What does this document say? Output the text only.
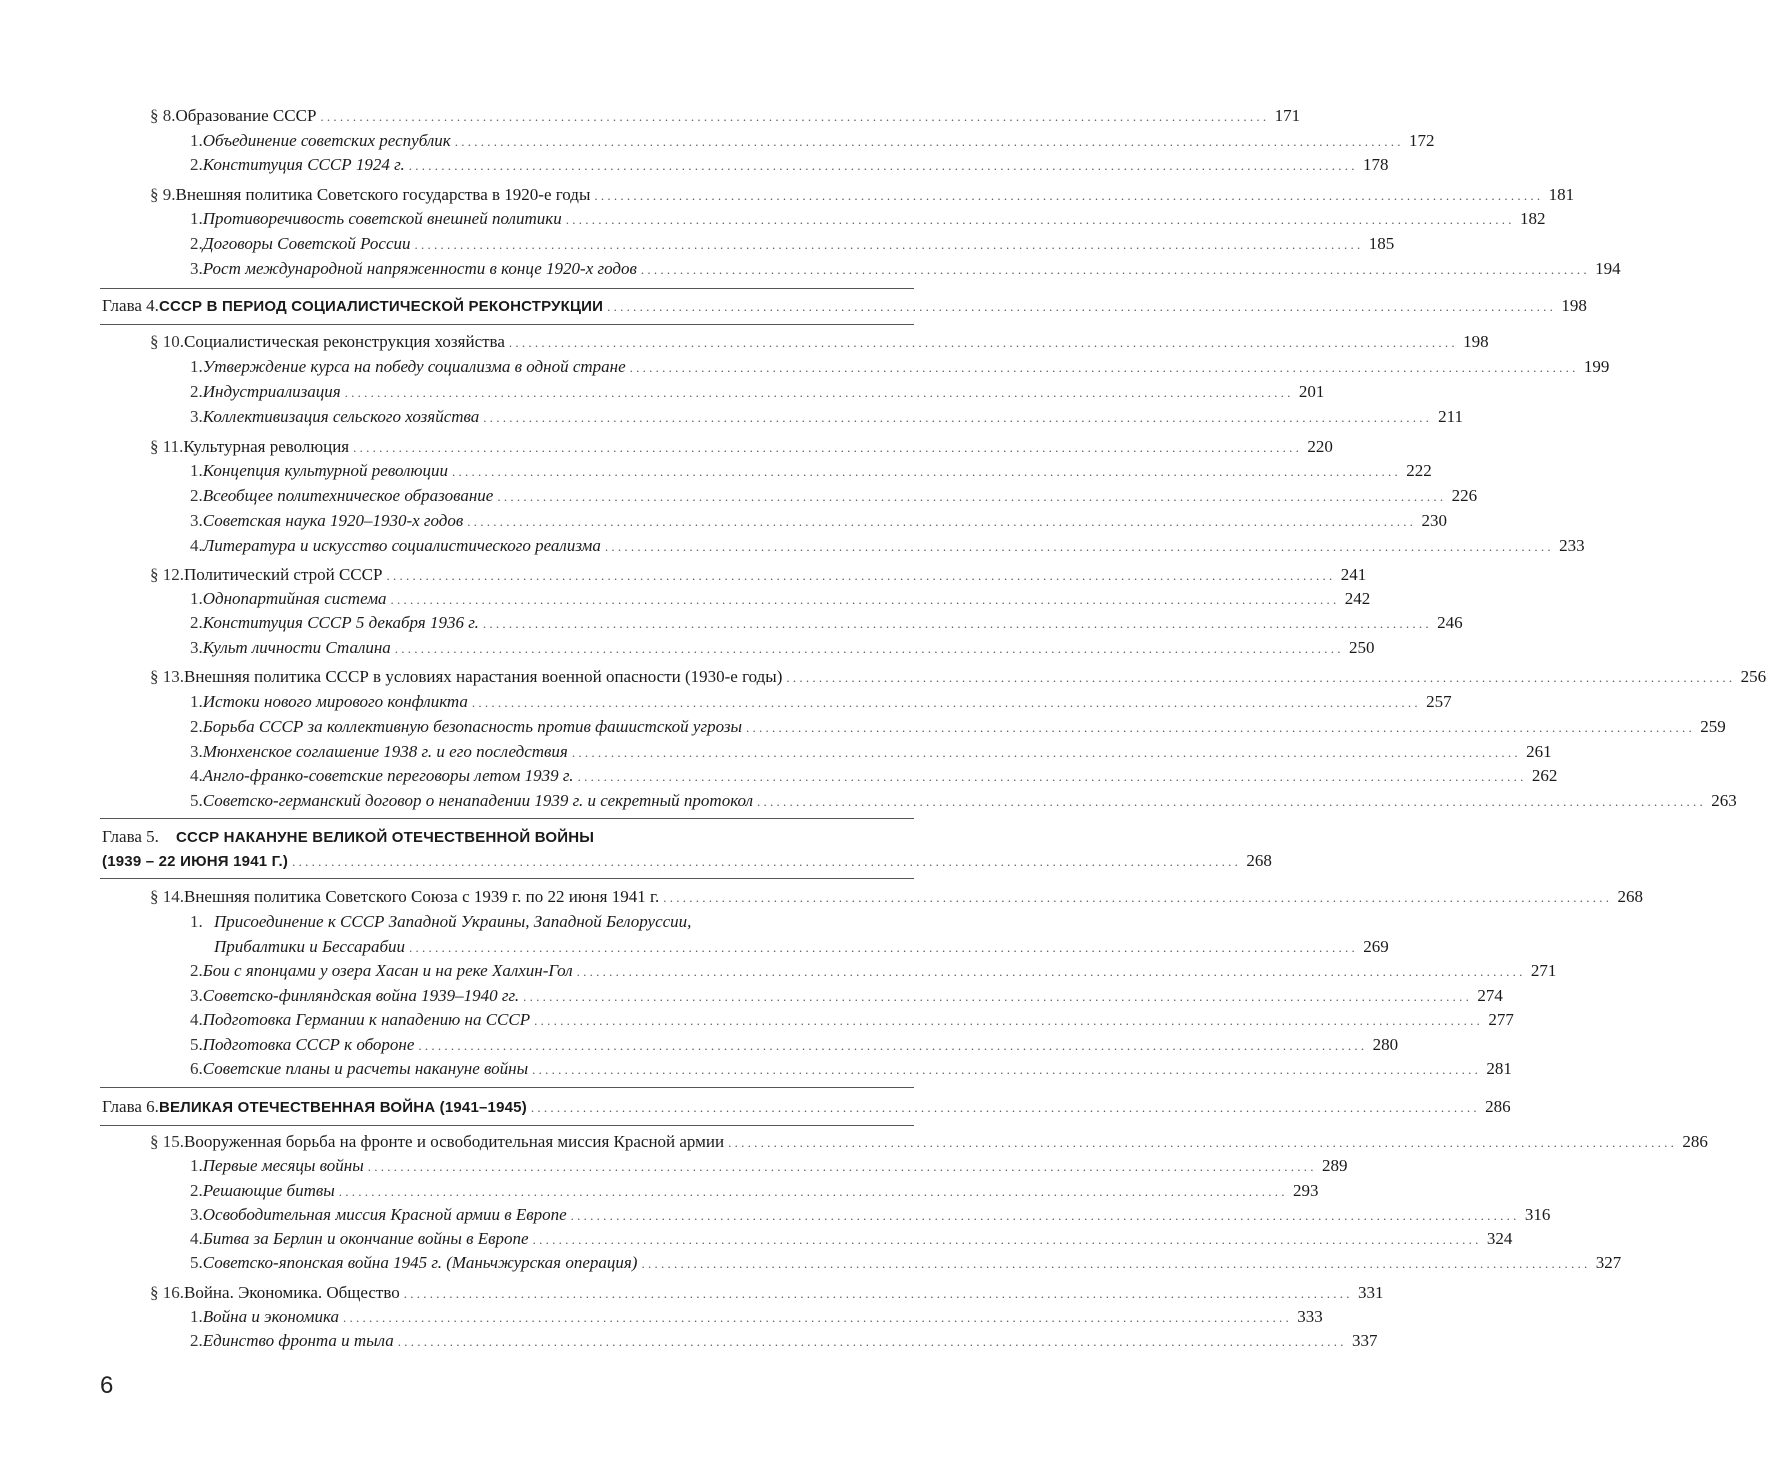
§ 8. Образование СССР . . .	171
1. Объединение советских республик . . .	172
2. Конституция СССР 1924 г. . . .	178
§ 9. Внешняя политика Советского государства в 1920-е годы . . .	181
1. Противоречивость советской внешней политики . . .	182
2. Договоры Советской России . . .	185
3. Рост международной напряженности в конце 1920-х годов . . .	194
Глава 4. СССР В ПЕРИОД СОЦИАЛИСТИЧЕСКОЙ РЕКОНСТРУКЦИИ . . .	198
§ 10. Социалистическая реконструкция хозяйства . . .	198
1. Утверждение курса на победу социализма в одной стране . . .	199
2. Индустриализация . . .	201
3. Коллективизация сельского хозяйства . . .	211
§ 11. Культурная революция . . .	220
1. Концепция культурной революции . . .	222
2. Всеобщее политехническое образование . . .	226
3. Советская наука 1920–1930-х годов . . .	230
4. Литература и искусство социалистического реализма . . .	233
§ 12. Политический строй СССР . . .	241
1. Однопартийная система . . .	242
2. Конституция СССР 5 декабря 1936 г. . . .	246
3. Культ личности Сталина . . .	250
§ 13. Внешняя политика СССР в условиях нарастания военной опасности (1930-е годы) . . .	256
1. Истоки нового мирового конфликта . . .	257
2. Борьба СССР за коллективную безопасность против фашистской угрозы . . .	259
3. Мюнхенское соглашение 1938 г. и его последствия . . .	261
4. Англо-франко-советские переговоры летом 1939 г. . . .	262
5. Советско-германский договор о ненападении 1939 г. и секретный протокол . . .	263
Глава 5.	СССР НАКАНУНЕ ВЕЛИКОЙ ОТЕЧЕСТВЕННОЙ ВОЙНЫ
(1939 – 22 ИЮНЯ 1941 Г.) . . .	268
§ 14. Внешняя политика Советского Союза с 1939 г. по 22 июня 1941 г. . . .	268
1. Присоединение к СССР Западной Украины, Западной Белоруссии,
Прибалтики и Бессарабии . . .	269
2. Бои с японцами у озера Хасан и на реке Халхин-Гол . . .	271
3. Советско-финляндская война 1939–1940 гг. . . .	274
4. Подготовка Германии к нападению на СССР . . .	277
5. Подготовка СССР к обороне . . .	280
6. Советские планы и расчеты накануне войны . . .	281
Глава 6. ВЕЛИКАЯ ОТЕЧЕСТВЕННАЯ ВОЙНА (1941–1945) . . .	286
§ 15. Вооруженная борьба на фронте и освободительная миссия Красной армии . . .	286
1. Первые месяцы войны . . .	289
2. Решающие битвы . . .	293
3. Освободительная миссия Красной армии в Европе . . .	316
4. Битва за Берлин и окончание войны в Европе . . .	324
5. Советско-японская война 1945 г. (Маньчжурская операция) . . .	327
§ 16. Война. Экономика. Общество . . .	331
1. Война и экономика . . .	333
2. Единство фронта и тыла . . .	337
6
